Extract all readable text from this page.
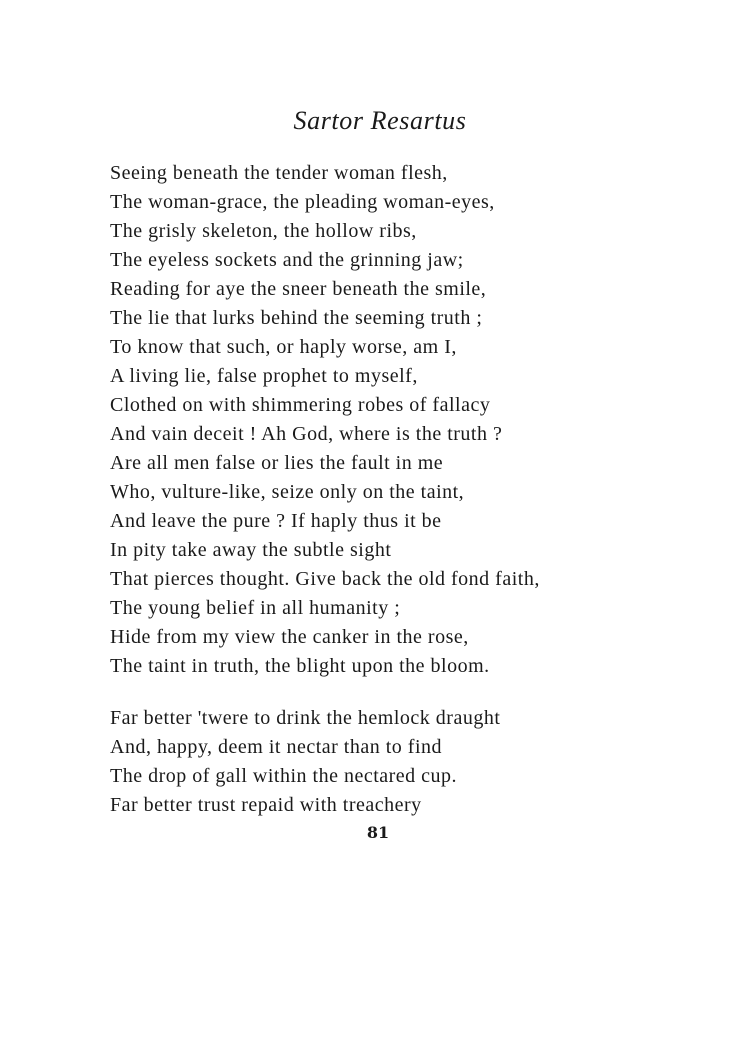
Sartor Resartus
Seeing beneath the tender woman flesh,
The woman-grace, the pleading woman-eyes,
The grisly skeleton, the hollow ribs,
The eyeless sockets and the grinning jaw;
Reading for aye the sneer beneath the smile,
The lie that lurks behind the seeming truth ;
To know that such, or haply worse, am I,
A living lie, false prophet to myself,
Clothed on with shimmering robes of fallacy
And vain deceit ! Ah God, where is the truth ?
Are all men false or lies the fault in me
Who, vulture-like, seize only on the taint,
And leave the pure ? If haply thus it be
In pity take away the subtle sight
That pierces thought. Give back the old fond faith,
The young belief in all humanity ;
Hide from my view the canker in the rose,
The taint in truth, the blight upon the bloom.
Far better 'twere to drink the hemlock draught
And, happy, deem it nectar than to find
The drop of gall within the nectared cup.
Far better trust repaid with treachery
81
